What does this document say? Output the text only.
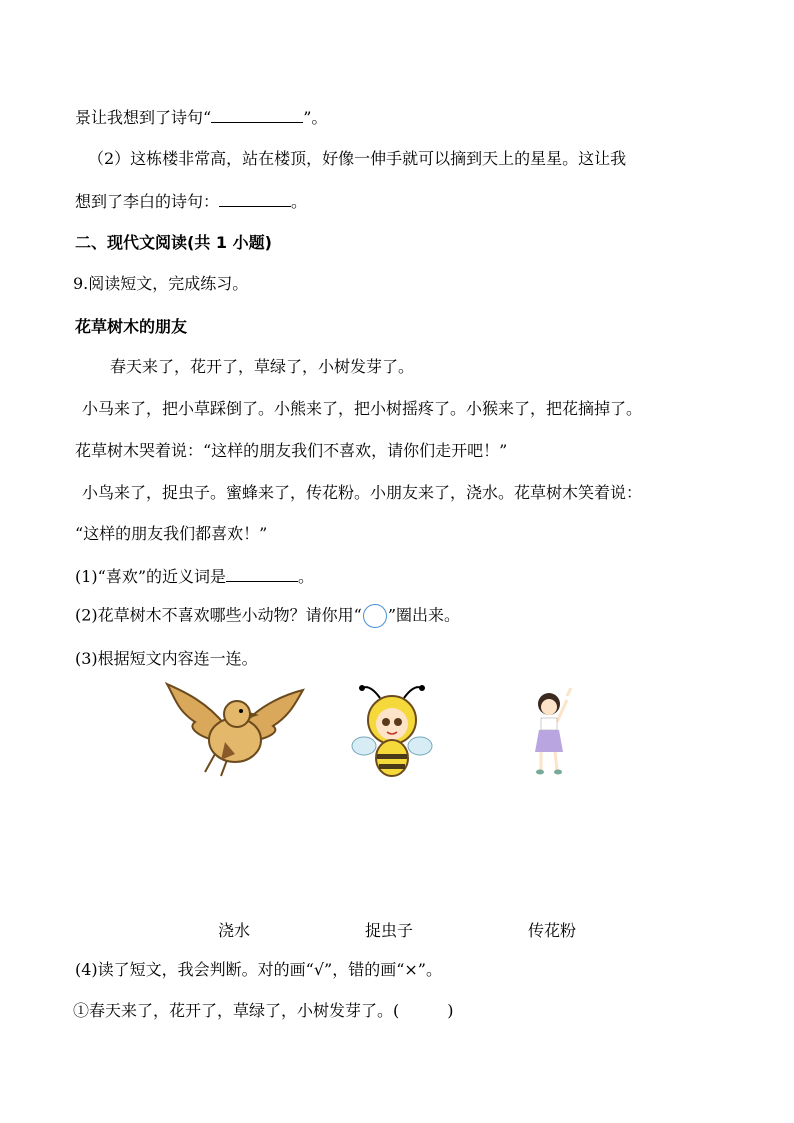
景让我想到了诗句“	”。
（2）这栋楼非常高，站在楼顶，好像一伸手就可以摘到天上的星星。这让我
想到了李白的诗句：	。
二、现代文阅读(共 1 小题)
9.阅读短文，完成练习。
花草树木的朋友
春天来了，花开了，草绿了，小树发芽了。
小马来了，把小草踩倒了。小熊来了，把小树摇疼了。小猴来了，把花摘掉了。
花草树木哭着说：“这样的朋友我们不喜欢，请你们走开吧！”
小鸟来了，捉虫子。蜜蜂来了，传花粉。小朋友来了，浇水。花草树木笑着说：
“这样的朋友我们都喜欢！”
(1)“喜欢”的近义词是	。
(2)花草树木不喜欢哪些小动物？请你用“ ”圈出来。
(3)根据短文内容连一连。
浇水	捉虫子	传花粉
(4)读了短文，我会判断。对的画“√”，错的画“×”。
①春天来了，花开了，草绿了，小树发芽了。(	)
